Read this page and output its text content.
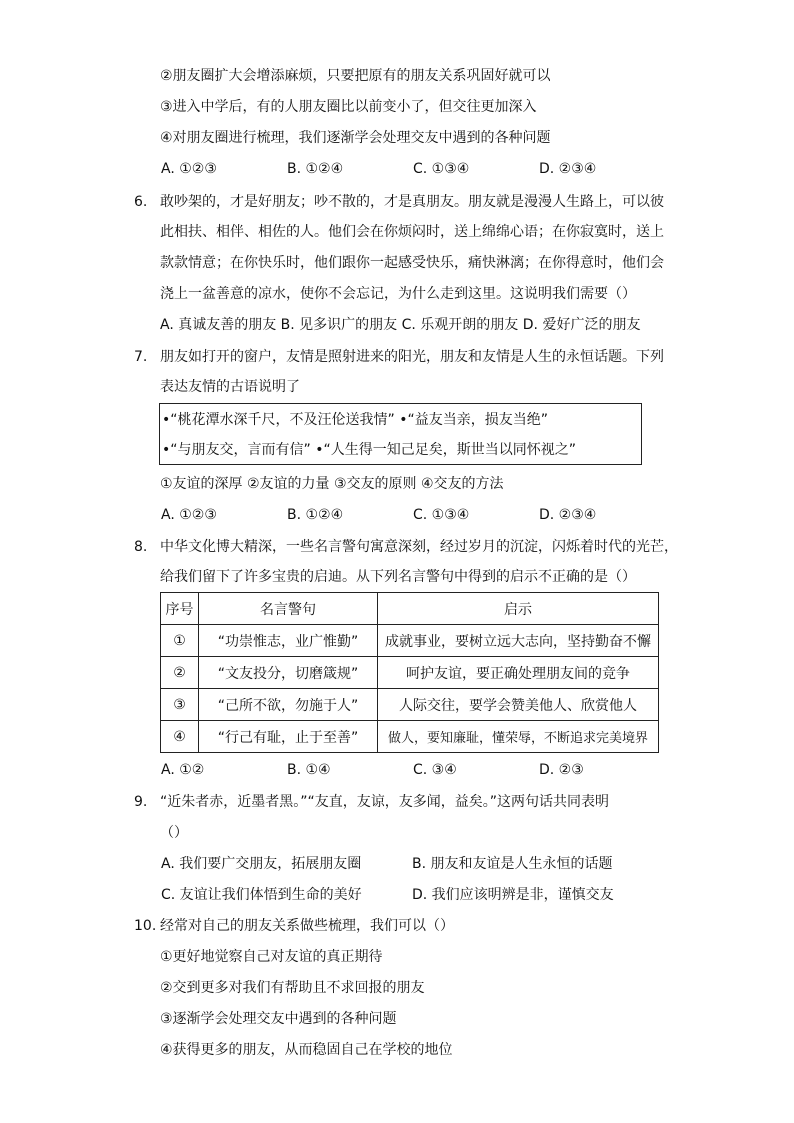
②朋友圈扩大会增添麻烦，只要把原有的朋友关系巩固好就可以
③进入中学后，有的人朋友圈比以前变小了，但交往更加深入
④对朋友圈进行梳理，我们逐渐学会处理交友中遇到的各种问题
A. ①②③	B. ①②④	C. ①③④	D. ②③④
6. 敢吵架的，才是好朋友；吵不散的，才是真朋友。朋友就是漫漫人生路上，可以彼
此相扶、相伴、相佐的人。他们会在你烦闷时，送上绵绵心语；在你寂寞时，送上
款款情意；在你快乐时，他们跟你一起感受快乐，痛快淋漓；在你得意时，他们会
浇上一盆善意的凉水，使你不会忘记，为什么走到这里。这说明我们需要（）
A. 真诚友善的朋友 B. 见多识广的朋友 C. 乐观开朗的朋友 D. 爱好广泛的朋友
7. 朋友如打开的窗户，友情是照射进来的阳光，朋友和友情是人生的永恒话题。下列
表达友情的古语说明了
•“桃花潭水深千尺，不及汪伦送我情” •“益友当亲，损友当绝”
•“与朋友交，言而有信” •“人生得一知己足矣，斯世当以同怀视之”
①友谊的深厚 ②友谊的力量 ③交友的原则 ④交友的方法
A. ①②③	B. ①②④	C. ①③④	D. ②③④
8. 中华文化博大精深，一些名言警句寓意深刻，经过岁月的沉淀，闪烁着时代的光芒，
给我们留下了许多宝贵的启迪。从下列名言警句中得到的启示不正确的是（）
序号	名言警句	启示
①	“功崇惟志，业广惟勤”	成就事业，要树立远大志向，坚持勤奋不懈
②	“文友投分，切磨箴规”	呵护友谊，要正确处理朋友间的竞争
③	“己所不欲，勿施于人”	人际交往，要学会赞美他人、欣赏他人
④	“行己有耻，止于至善”	做人，要知廉耻，懂荣辱，不断追求完美境界
A. ①②	B. ①④	C. ③④	D. ②③
9. “近朱者赤，近墨者黑。”“友直，友谅，友多闻，益矣。”这两句话共同表明
（）
A. 我们要广交朋友，拓展朋友圈	B. 朋友和友谊是人生永恒的话题
C. 友谊让我们体悟到生命的美好	D. 我们应该明辨是非，谨慎交友
10. 经常对自己的朋友关系做些梳理，我们可以（）
①更好地觉察自己对友谊的真正期待
②交到更多对我们有帮助且不求回报的朋友
③逐渐学会处理交友中遇到的各种问题
④获得更多的朋友，从而稳固自己在学校的地位
